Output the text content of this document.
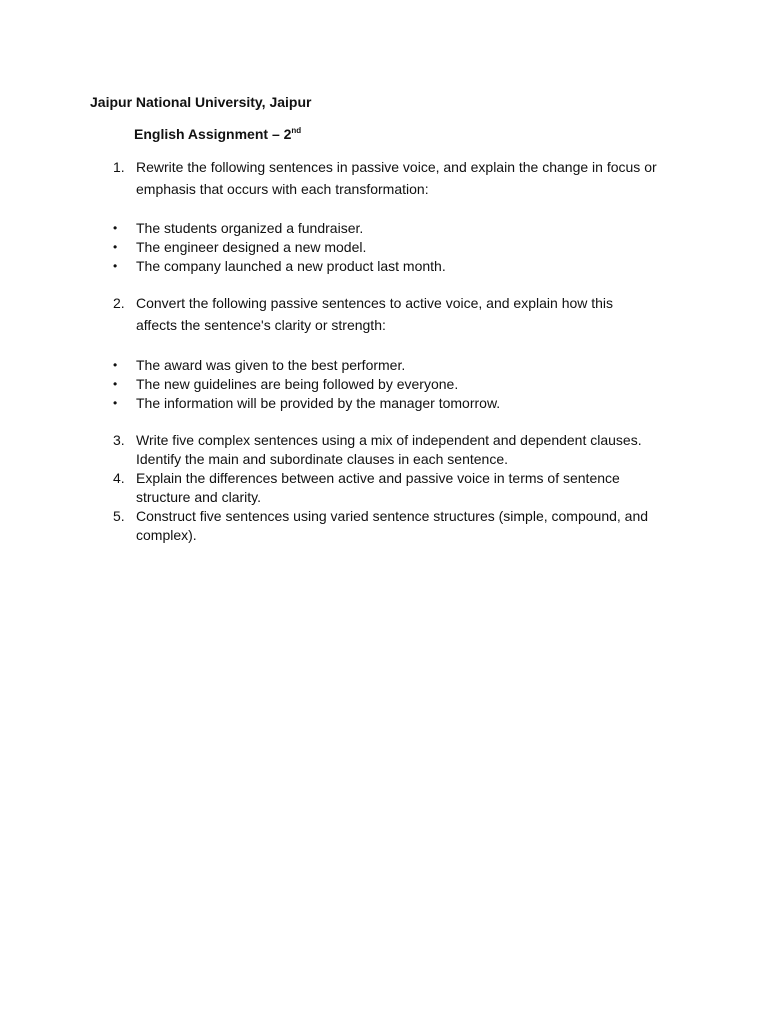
Jaipur National University, Jaipur
English Assignment – 2nd
1. Rewrite the following sentences in passive voice, and explain the change in focus or emphasis that occurs with each transformation:
• The students organized a fundraiser.
• The engineer designed a new model.
• The company launched a new product last month.
2. Convert the following passive sentences to active voice, and explain how this affects the sentence's clarity or strength:
• The award was given to the best performer.
• The new guidelines are being followed by everyone.
• The information will be provided by the manager tomorrow.
3. Write five complex sentences using a mix of independent and dependent clauses. Identify the main and subordinate clauses in each sentence.
4. Explain the differences between active and passive voice in terms of sentence structure and clarity.
5. Construct five sentences using varied sentence structures (simple, compound, and complex).
